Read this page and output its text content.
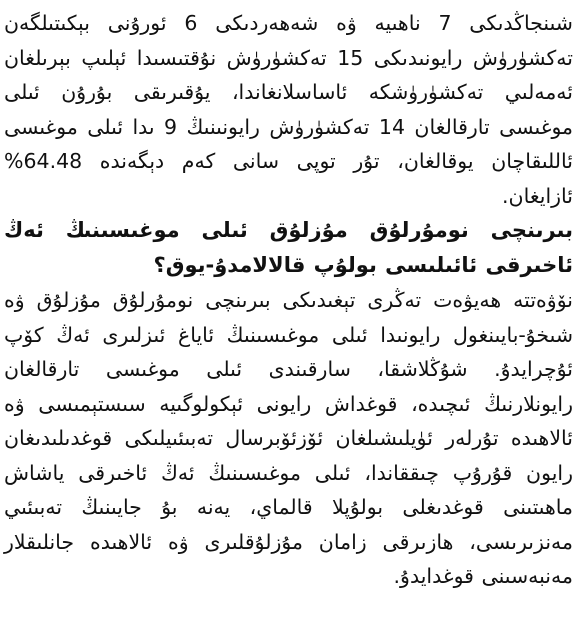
شىنجاڭدىكى 7 ناھىيە ۋە شەھەردىكى 6 ئورۇنى بېكىتىلگەن تەكشۈرۈش رايونىدىكى 15 تەكشۈرۈش نۇقتىسىدا ئېلىپ بېرىلغان ئەمەلىي تەكشۈرۈشكە ئاساسلانغاندا، يۇقىرىقى بۇرۇن ئىلى موغىسى تارقالغان 14 تەكشۈرۈش رايونىنىڭ 9 ىدا ئىلى موغىسى ئاللىقاچان يوقالغان، تۇر توپى سانى كەم دېگەندە 64.48% ئازايغان.

بىرىنچى نومۇرلۇق مۇزلۇق ئىلى موغىسىنىڭ ئەڭ ئاخىرقى ئائىلىسى بولۇپ قالالامدۇ-يوق؟

نۆۋەتتە ھەيۋەت تەڭرى تېغىدىكى بىرىنچى نومۇرلۇق مۇزلۇق ۋە شىخۇ-بايىنغول رايونىدا ئىلى موغىسىنىڭ ئاياغ ئىزلىرى ئەڭ كۆپ ئۇچرايدۇ. شۇڭلاشقا، سارقىندى ئىلى موغىسى تارقالغان رايونلارنىڭ ئىچىدە، قوغداش رايونى ئېكولوگىيە سىستېمىسى ۋە ئالاھىدە تۇرلەر ئۈيلىشىلغان ئۆزئۆبرسال تەبىئىيلىكى قوغدىلىدىغان رايون قۇرۇپ چىققاندا، ئىلى موغىسىنىڭ ئەڭ ئاخىرقى ياشاش ماھىتىنى قوغدىغلى بولۇپلا قالماي، يەنە بۇ جايىنىڭ تەبىئىي مەنزىرىسى، ھازىرقى زامان مۇزلۇقلىرى ۋە ئالاھىدە جانلىقلار مەنبەسىنى قوغدايدۇ.
